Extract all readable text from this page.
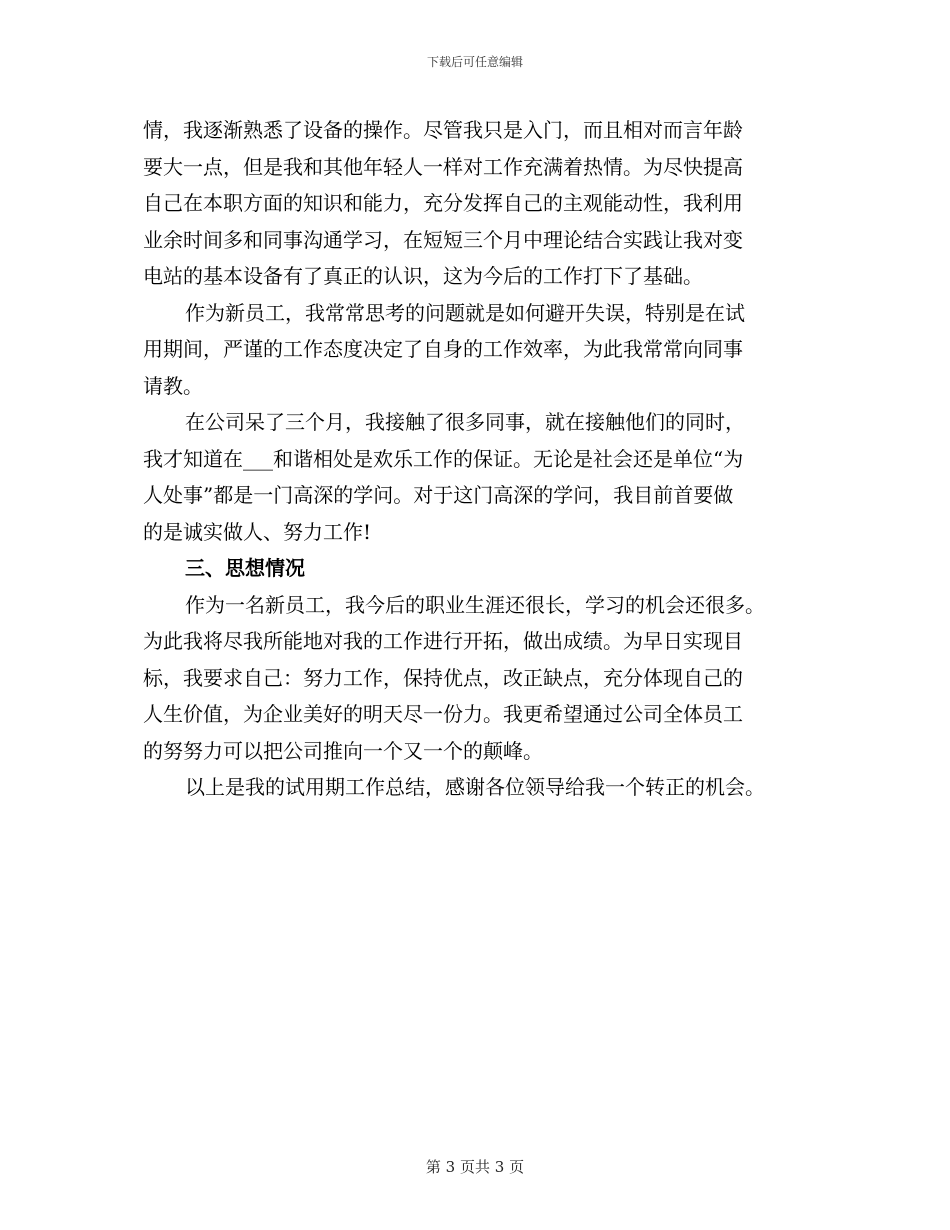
下载后可任意编辑

情，我逐渐熟悉了设备的操作。尽管我只是入门，而且相对而言年龄

要大一点，但是我和其他年轻人一样对工作充满着热情。为尽快提高

自己在本职方面的知识和能力，充分发挥自己的主观能动性，我利用

业余时间多和同事沟通学习，在短短三个月中理论结合实践让我对变

电站的基本设备有了真正的认识，这为今后的工作打下了基础。

作为新员工，我常常思考的问题就是如何避开失误，特别是在试

用期间，严谨的工作态度决定了自身的工作效率，为此我常常向同事

请教。

在公司呆了三个月，我接触了很多同事，就在接触他们的同时，

我才知道在___和谐相处是欢乐工作的保证。无论是社会还是单位“为

人处事”都是一门高深的学问。对于这门高深的学问，我目前首要做

的是诚实做人、努力工作!

三、思想情况

作为一名新员工，我今后的职业生涯还很长，学习的机会还很多。

为此我将尽我所能地对我的工作进行开拓，做出成绩。为早日实现目

标，我要求自己：努力工作，保持优点，改正缺点，充分体现自己的

人生价值，为企业美好的明天尽一份力。我更希望通过公司全体员工

的努努力可以把公司推向一个又一个的颠峰。

以上是我的试用期工作总结，感谢各位领导给我一个转正的机会。

第 3 页共 3 页
